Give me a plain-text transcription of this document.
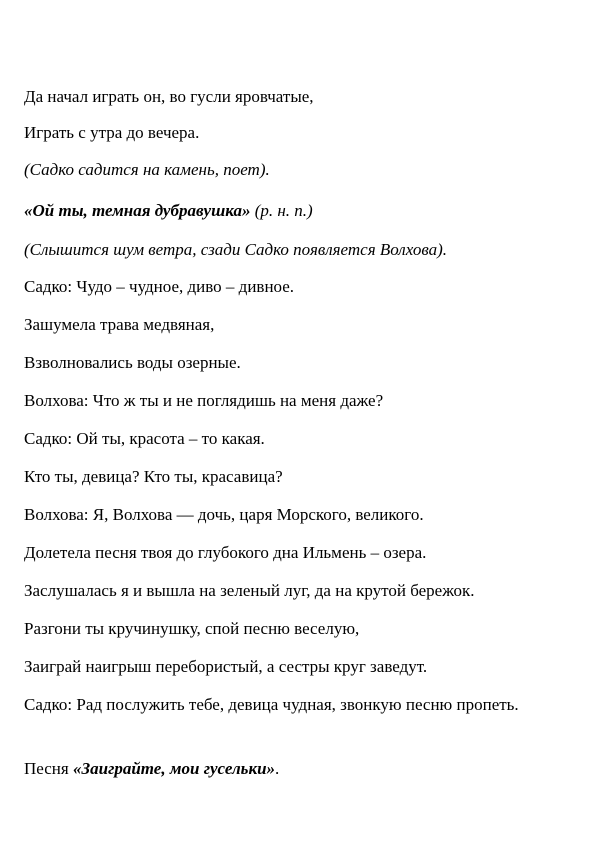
Да начал играть он, во гусли яровчатые,
Играть с утра до вечера.
(Садко садится на камень, поет).
«Ой ты, темная дубравушка» (р. н. п.)
(Слышится шум ветра, сзади Садко появляется Волхова).
Садко: Чудо – чудное, диво – дивное.
Зашумела трава медвяная,
Взволновались воды озерные.
Волхова: Что ж ты и не поглядишь на меня даже?
Садко: Ой ты, красота – то какая.
Кто ты, девица? Кто ты, красавица?
Волхова: Я, Волхова — дочь, царя Морского, великого.
Долетела песня твоя до глубокого дна Ильмень – озера.
Заслушалась я и вышла на зеленый луг, да на крутой бережок.
Разгони ты кручинушку, спой песню веселую,
Заиграй наигрыш перебористый, а сестры круг заведут.
Садко: Рад послужить тебе, девица чудная, звонкую песню пропеть.
Песня «Заиграйте, мои гусельки».
